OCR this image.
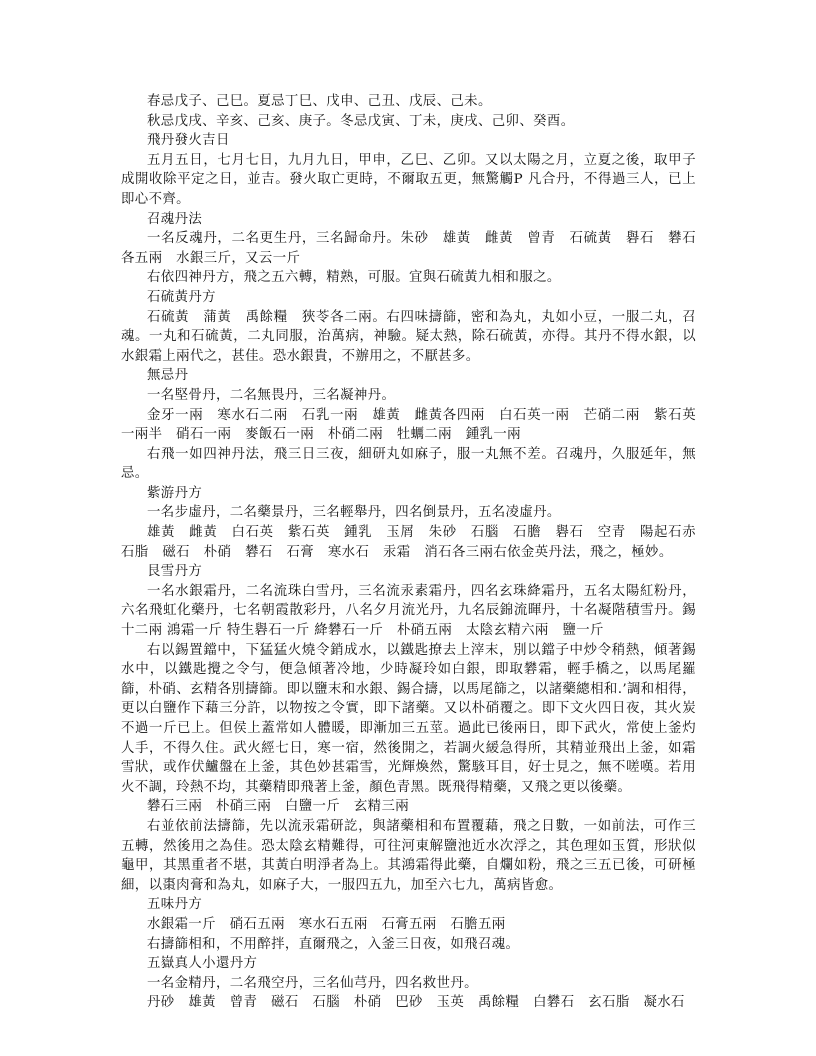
春忌戊子、己巳。夏忌丁巳、戊申、己丑、戊辰、己未。

秋忌戊戌、辛亥、己亥、庚子。冬忌戊寅、丁未，庚戌、己卯、癸酉。

飛丹發火吉日

五月五日，七月七日，九月九日，甲申，乙巳、乙卯。又以太陽之月，立夏之後，取甲子成開收除平定之日，並吉。發火取亡更時，不爾取五更，無驚觸P 凡合丹，不得過三人，已上即心不齊。

召魂丹法

一名反魂丹，二名更生丹，三名歸命丹。朱砂　雄黃　雌黃　曾青　石硫黃　礜石　礬石各五兩　水銀三斤，又云一斤

右依四神丹方，飛之五六轉，精熟，可服。宜與石硫黃九相和服之。

石硫黃丹方

石硫黃　蒲黃　禹餘糧　狹苓各二兩。右四味擣篩，密和為丸，丸如小豆，一服二丸，召魂。一丸和石硫黃，二丸同服，治萬病，神驗。疑太熱，除石硫黃，亦得。其丹不得水銀，以水銀霜上兩代之，甚佳。恐水銀貴，不辦用之，不厭甚多。

無忌丹

一名堅骨丹，二名無畏丹，三名凝神丹。

金牙一兩　寒水石二兩　石乳一兩　雄黃　雌黃各四兩　白石英一兩　芒硝二兩　紫石英一兩半　硝石一兩　麥飯石一兩　朴硝二兩　牡蠣二兩　鍾乳一兩

右飛一如四神丹法，飛三日三夜，細研丸如麻子，服一丸無不差。召魂丹，久服延年，無忌。

紫游丹方

一名步虛丹，二名藥景丹，三名輕舉丹，四名倒景丹，五名凌虛丹。

雄黃　雌黃　白石英　紫石英　鍾乳　玉屑　朱砂　石腦　石膽　礜石　空青　陽起石赤石脂　磁石　朴硝　礬石　石膏　寒水石　汞霜　消石各三兩右依金英丹法，飛之，極妙。

艮雪丹方

一名水銀霜丹，二名流珠白雪丹，三名流汞素霜丹，四名玄珠絳霜丹，五名太陽紅粉丹，六名飛虹化藥丹，七名朝霞散彩丹，八名夕月流光丹，九名辰錦流暉丹，十名凝階積雪丹。錫十二兩 鴻霜一斤 特生礜石一斤 絳礬石一斤　朴硝五兩　太陰玄精六兩　鹽一斤

右以錫置鐺中，下猛猛火燒令銷成水，以鐵匙撩去上滓末，別以鐺子中炒令稍熱，傾著錫水中，以鐵匙攪之令勻，便急傾著冷地，少時凝玲如白銀，即取礬霜，輕手橋之，以馬尾羅篩，朴硝、玄精各別擣篩。即以鹽末和水銀、錫合擣，以馬尾篩之，以諸藥總相和.’調和相得，更以白鹽作下藉三分許，以物按之令實，即下諸藥。又以朴硝覆之。即下文火四日夜，其火炭不過一斤已上。但侯上蓋常如人體暖，即漸加三五莖。過此已後兩日，即下武火，常使上釜灼人手，不得久住。武火經七日，寒一宿，然後開之，若調火緩急得所，其精並飛出上釜，如霜雪狀，或作伏鱸盤在上釜，其色妙甚霜雪，光輝煥然，驚駭耳目，好士見之，無不嗟嘆。若用火不調，玲熱不均，其藥精即飛著上釜，顏色青黑。既飛得精藥，又飛之更以後藥。

礬石三兩　朴硝三兩　白鹽一斤　玄精三兩

右並依前法擣篩，先以流汞霜研訖，與諸藥相和布置覆藉，飛之日數，一如前法，可作三五轉，然後用之為佳。恐太陰玄精難得，可往河東解鹽池近水次浮之，其色理如玉質，形狀似龜甲，其黑重者不堪，其黃白明淨者為上。其鴻霜得此藥，自爛如粉，飛之三五已後，可研極細，以棗肉膏和為丸，如麻子大，一服四五九，加至六七九，萬病皆愈。

五味丹方

水銀霜一斤　硝石五兩　寒水石五兩　石膏五兩　石膽五兩

右擣篩相和，不用醉拌，直爾飛之，入釜三日夜，如飛召魂。

五嶽真人小還丹方

一名金精丹，二名飛空丹，三名仙芎丹，四名救世丹。

丹砂　雄黃　曾青　磁石　石腦　朴硝　巴砂　玉英　禹餘糧　白礬石　玄石脂　凝水石
